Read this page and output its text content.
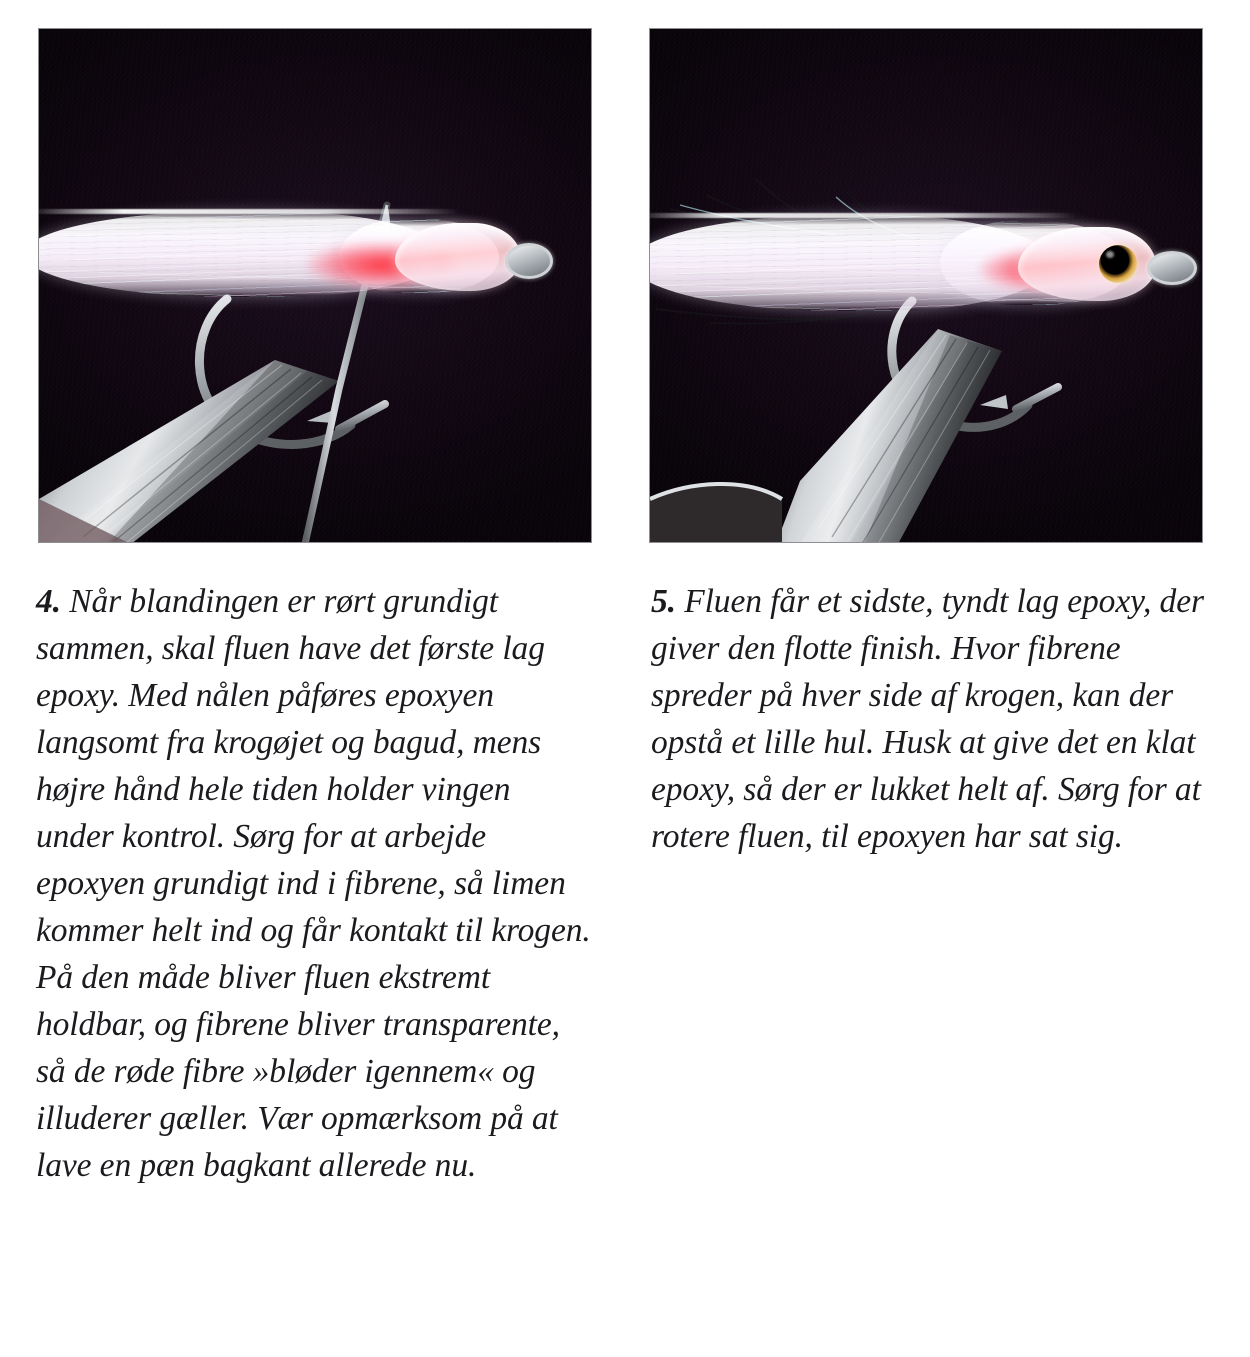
4. Når blandingen er rørt grundigt sammen, skal fluen have det første lag epoxy. Med nålen påføres epoxyen langsomt fra krogøjet og bagud, mens højre hånd hele tiden holder vingen under kontrol. Sørg for at arbejde epoxyen grundigt ind i fibrene, så limen kommer helt ind og får kontakt til krogen. På den måde bliver fluen ekstremt holdbar, og fibrene bliver transparente, så de røde fibre »bløder igennem« og illuderer gæller. Vær opmærksom på at lave en pæn bagkant allerede nu.
5. Fluen får et sidste, tyndt lag epoxy, der giver den flotte finish. Hvor fibrene spreder på hver side af krogen, kan der opstå et lille hul. Husk at give det en klat epoxy, så der er lukket helt af. Sørg for at rotere fluen, til epoxyen har sat sig.
